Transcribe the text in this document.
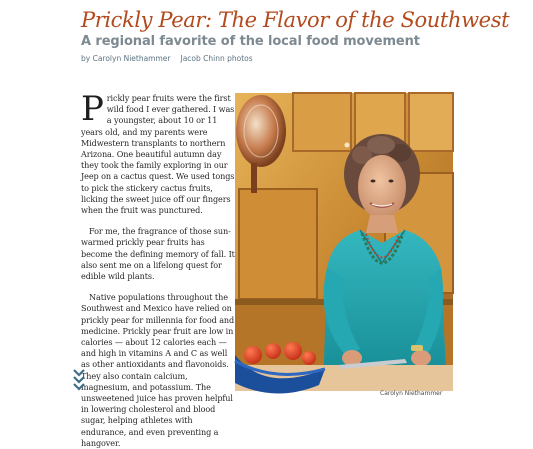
Prickly Pear: The Flavor of the Southwest
A regional favorite of the local food movement
by Carolyn Niethammer Jacob Chinn photos

Prickly pear fruits were the first wild food I ever gathered. I was a youngster, about 10 or 11 years old, and my parents were Midwestern transplants to northern Arizona. One beautiful autumn day they took the family exploring in our Jeep on a cactus quest. We used tongs to pick the stickery cactus fruits, licking the sweet juice off our fingers when the fruit was punctured.

For me, the fragrance of those sun-warmed prickly pear fruits has become the defining memory of fall. It also sent me on a lifelong quest for edible wild plants.

Native populations throughout the Southwest and Mexico have relied on prickly pear for millennia for food and medicine. Prickly pear fruit are low in calories — about 12 calories each — and high in vitamins A and C as well as other antioxidants and flavonoids. They also contain calcium, magnesium, and potassium. The unsweetened juice has proven helpful in lowering cholesterol and blood sugar, helping athletes with endurance, and even preventing a hangover.

Carolyn Niethammer
